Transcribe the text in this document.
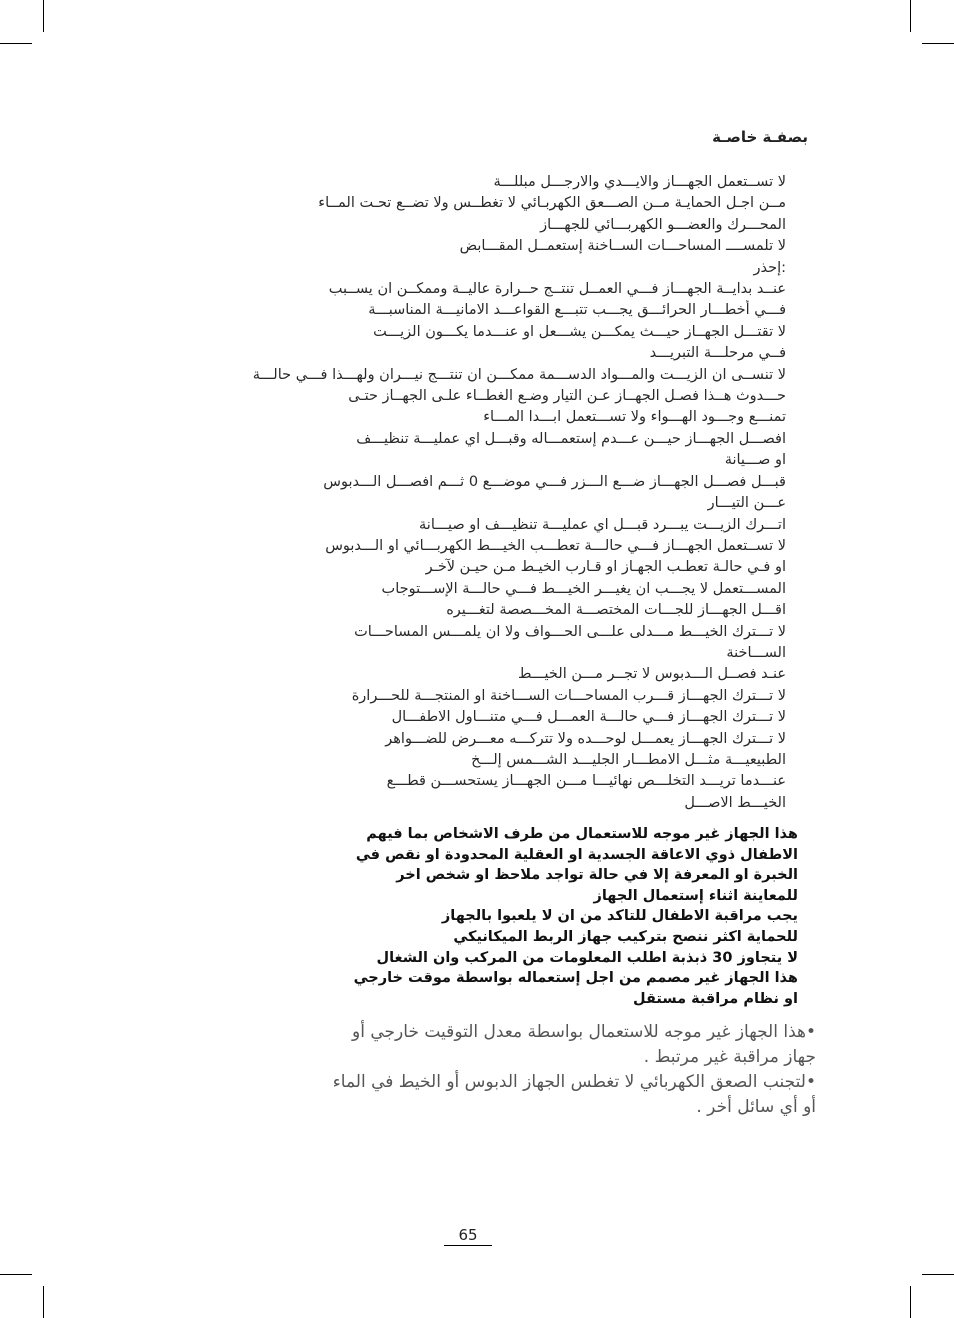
بصفـة خاصـة
لا تســتعمل الجهـــاز والايـــدي والارجـــل مبللـــة
مــن اجـل الحمايـة مــن الصـــعق الكهربـائي لا تغطــس ولا تضــع تحـت المــاء
المحـــرك والعضـــو الكهربـــائي للجهـــاز
لا تلمســــ المساحـــات الســاخنة إستعمــل المقـــابض
:إحذر
عنــد بدايــة الجهـــاز فـــي العمــل تنتــج حــرارة عاليــة وممكــن ان يســبب
فـــي أخطـــار الحرائـــق يجـــب تتبـــع القواعـــد الامانيـــة المناسبـــة
لا تقتـــل الجهــاز حيـــث يمكـــن يشـــعل او عنـــدما يكـــون الزيـــت
فــي مرحلـــة التبريـــد
لا تنســى ان الزيـــت والمـــواد الدســـمة ممكـــن ان تنتـــج نيـــران ولهـــذا فـــي حالـــة
حـــدوث هــذا فصـل الجهــاز عـن التيار وضـع الغطــاء علـى الجهــاز حتـى
تمنـــع وجـــود الهـــواء ولا تســـتعمل ابـــدا المـــاء
افصـــل الجهـــاز حيـــن عـــدم إستعمـــاله وقبـــل اي عمليـــة تنظيـــف
او صـــيانة
قبـــل فصـــل الجهـــاز ضـــع الـــزر فـــي موضـــع 0 ثـــم افصـــل الـــدبوس
عـــن التيـــار
اتـــرك الزيـــت يبـــرد قبـــل اي عمليـــة تنظيـــف او صيـــانة
لا تســتعمل الجهـــاز فـــي حالـــة تعطـــب الخيـــط الكهربـــائي او الـــدبوس
او فـي حالـة تعطـب الجهـاز او قـارب الخيـط مـن حيـن لآخـر
المســـتعمل لا يجـــب ان يغيـــر الخيـــط فـــي حالـــة الإســـتوجاب
اقـــل الجهـــاز للجـــات المختصـــة المخـــصصة لتغـــيره
لا تـــترك الخيـــط مـــدلى علـــى الحـــواف ولا ان يلمـــس المساحـــات
الســـاخنة
عنـد فصــل الـــدبوس لا تجــر مـــن الخيـــط
لا تـــترك الجهـــاز قـــرب المساحـــات الســـاخنة او المنتجـــة للحـــرارة
لا تـــترك الجهـــاز فـــي حالـــة العمـــل فـــي متنـــاول الاطفـــال
لا تـــترك الجهـــاز يعمـــل لوحـــده ولا تتركـــه معـــرض للضـــواهر
الطبيعيـــة مثـــل الامطـــار الجليـــد الشـــمس إلـــخ
عنـــدما تريـــد التخلـــص نهائيـــا مـــن الجهـــاز يستحســـن قطـــع
الخيـــط الاصـــل
هذا الجهاز غير موجه للاستعمال من طرف الاشخاص بما فيهم
الاطفال ذوي الاعاقة الجسدية او العقلية المحدودة او نقص في
الخبرة او المعرفة إلا في حالة تواجد ملاحظ او شخص اخر
للمعاينة اثناء إستعمال الجهاز
يجب مراقبة الاطفال للتاكد من ان لا يلعبوا بالجهاز
للحماية اكثر ننصح بتركيب جهاز الربط الميكانيكي
لا يتجاوز 30 ذبذبة اطلب المعلومات من المركب وان الشغال
هذا الجهاز غير مصمم من اجل إستعماله بواسطة موقت خارجي
او نظام مراقبة مستقل
•هذا الجهاز غير موجه للاستعمال بواسطة معدل التوقيت خارجي أو
جهاز مراقبة غير مرتبط .
•لتجنب الصعق الكهربائي لا تغطس الجهاز الدبوس أو الخيط في الماء
أو أي سائل أخر .
65
